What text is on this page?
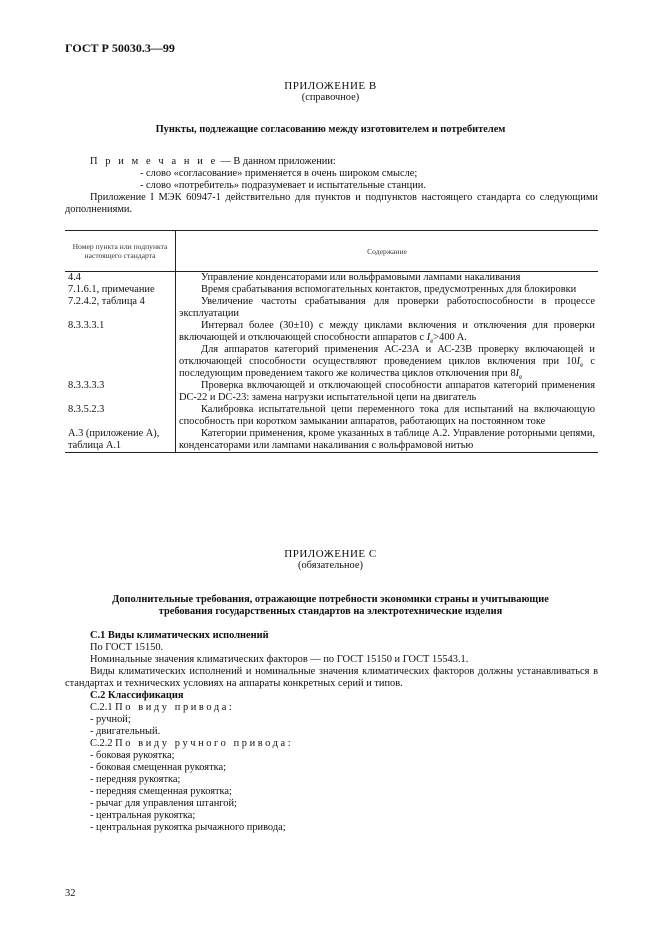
ГОСТ Р 50030.3—99
ПРИЛОЖЕНИЕ В
(справочное)
Пункты, подлежащие согласованию между изготовителем и потребителем
П р и м е ч а н и е — В данном приложении:
- слово «согласование» применяется в очень широком смысле;
- слово «потребитель» подразумевает и испытательные станции.
Приложение I МЭК 60947-1 действительно для пунктов и подпунктов настоящего стандарта со следующими дополнениями.
Номер пункта или подпункта настоящего стандарта	Содержание
4.4	Управление конденсаторами или вольфрамовыми лампами накаливания

7.1.6.1, примечание	Время срабатывания вспомогательных контактов, предусмотренных для блокировки

7.2.4.2, таблица 4	Увеличение частоты срабатывания для проверки работоспособности в процессе эксплуатации

8.3.3.3.1	Интервал более (30±10) с между циклами включения и отключения для проверки включающей и отключающей способности аппаратов с $I_e>400$ A.
Для аппаратов категорий применения АС-23А и АС-23В проверку включающей и отключающей способности осуществляют проведением циклов включения при $10I_e$ с последующим проведением такого же количества циклов отключения при $8I_e$

8.3.3.3.3	Проверка включающей и отключающей способности аппаратов категорий применения DC-22 и DC-23: замена нагрузки испытательной цепи на двигатель

8.3.5.2.3	Калибровка испытательной цепи переменного тока для испытаний на включающую способность при коротком замыкании аппаратов, работающих на постоянном токе

А.3 (приложение А), таблица А.1	Категории применения, кроме указанных в таблице А.2. Управление роторными цепями, конденсаторами или лампами накаливания с вольфрамовой нитью
ПРИЛОЖЕНИЕ С
(обязательное)
Дополнительные требования, отражающие потребности экономики страны и учитывающие
требования государственных стандартов на электротехнические изделия
С.1 Виды климатических исполнений
По ГОСТ 15150.
Номинальные значения климатических факторов — по ГОСТ 15150 и ГОСТ 15543.1.
Виды климатических исполнений и номинальные значения климатических факторов должны устанавливаться в стандартах и технических условиях на аппараты конкретных серий и типов.
С.2 Классификация
С.2.1 По виду привода:
- ручной;
- двигательный.
С.2.2 По виду ручного привода:
- боковая рукоятка;
- боковая смещенная рукоятка;
- передняя рукоятка;
- передняя смещенная рукоятка;
- рычаг для управления штангой;
- центральная рукоятка;
- центральная рукоятка рычажного привода;
32
